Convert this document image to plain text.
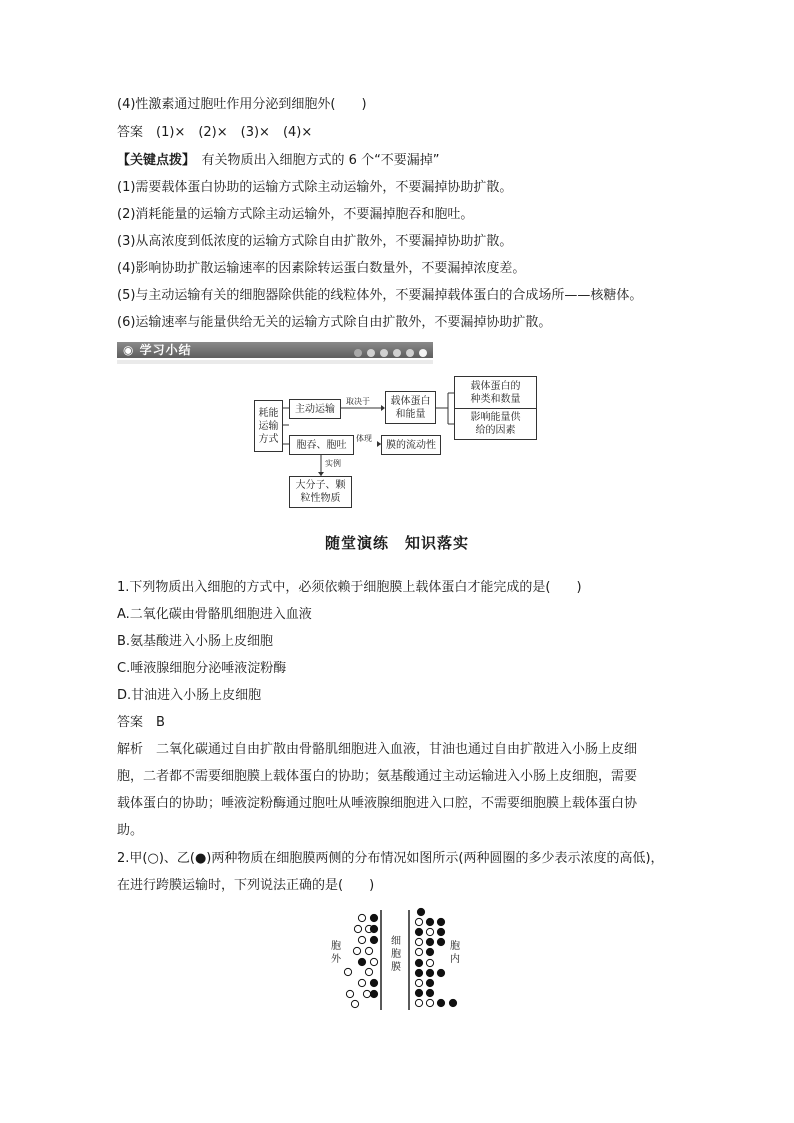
(4)性激素通过胞吐作用分泌到细胞外(　　)
答案　 (1)×　(2)×　(3)×　(4)×
【关键点拨】　 有关物质出入细胞方式的 6 个“不要漏掉”
(1)需要载体蛋白协助的运输方式除主动运输外，不要漏掉协助扩散。
(2)消耗能量的运输方式除主动运输外，不要漏掉胞吞和胞吐。
(3)从高浓度到低浓度的运输方式除自由扩散外，不要漏掉协助扩散。
(4)影响协助扩散运输速率的因素除转运蛋白数量外，不要漏掉浓度差。
(5)与主动运输有关的细胞器除供能的线粒体外，不要漏掉载体蛋白的合成场所——核糖体。
(6)运输速率与能量供给无关的运输方式除自由扩散外，不要漏掉协助扩散。
◉ 学习小结
耗能
运输
方式
主动运输
取决于 载体蛋白
和能量
载体蛋白的
种类和数量
影响能量供
给的因素
胞吞、胞吐
体现
膜的流动性
实例
大分子、颗
粒性物质
随堂演练　知识落实
1.下列物质出入细胞的方式中，必须依赖于细胞膜上载体蛋白才能完成的是(　　)
A.二氧化碳由骨骼肌细胞进入血液
B.氨基酸进入小肠上皮细胞
C.唾液腺细胞分泌唾液淀粉酶
D.甘油进入小肠上皮细胞
答案　 B
解析　 二氧化碳通过自由扩散由骨骼肌细胞进入血液，甘油也通过自由扩散进入小肠上皮细
胞，二者都不需要细胞膜上载体蛋白的协助；氨基酸通过主动运输进入小肠上皮细胞，需要
载体蛋白的协助；唾液淀粉酶通过胞吐从唾液腺细胞进入口腔，不需要细胞膜上载体蛋白协
助。
2.甲(○)、乙(●)两种物质在细胞膜两侧的分布情况如图所示(两种圆圈的多少表示浓度的高低)，
在进行跨膜运输时，下列说法正确的是(　　)
胞
外
细
胞
膜
胞
内
